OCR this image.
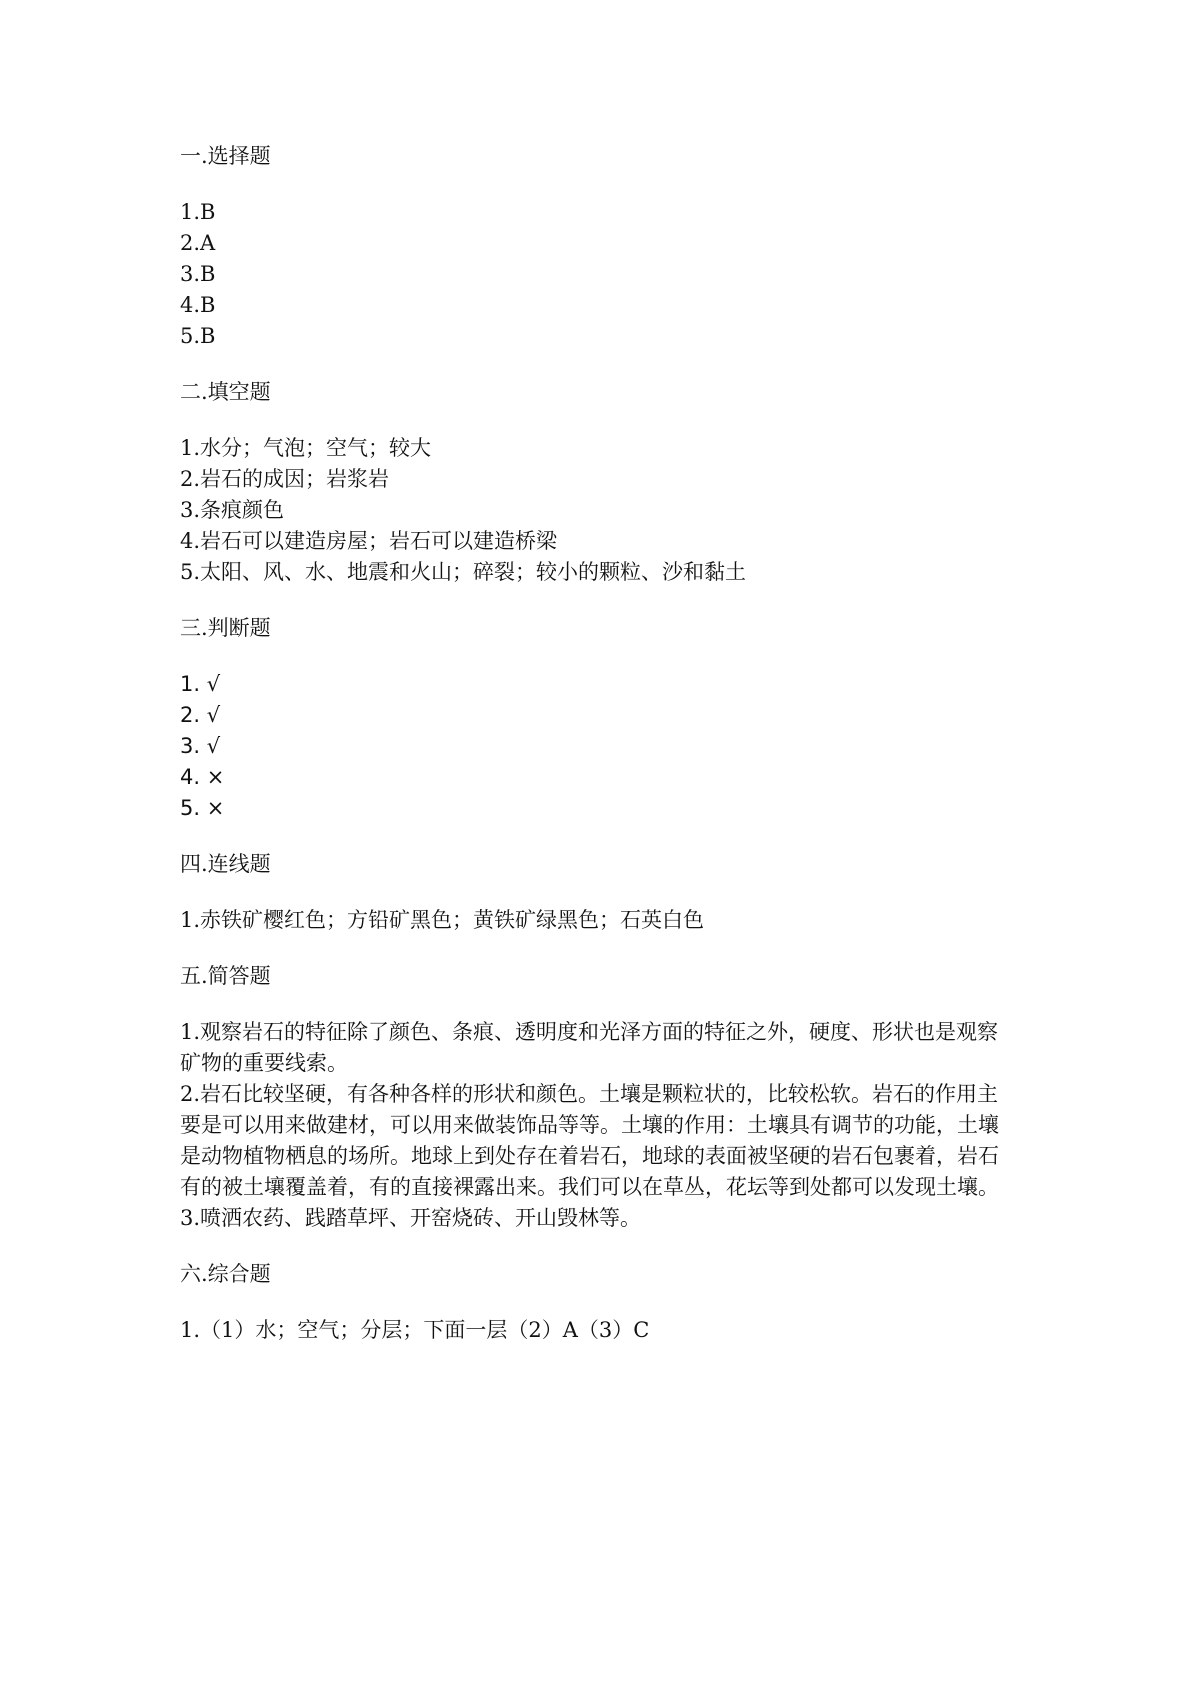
一.选择题

1.B

2.A

3.B

4.B

5.B

二.填空题

1.水分；气泡；空气；较大

2.岩石的成因；岩浆岩

3.条痕颜色

4.岩石可以建造房屋；岩石可以建造桥梁

5.太阳、风、水、地震和火山；碎裂；较小的颗粒、沙和黏土

三.判断题

1. √

2. √

3. √

4. ×

5. ×

四.连线题

1.赤铁矿樱红色；方铅矿黑色；黄铁矿绿黑色；石英白色

五.简答题

1.观察岩石的特征除了颜色、条痕、透明度和光泽方面的特征之外，硬度、形状也是观察矿物的重要线索。

2.岩石比较坚硬，有各种各样的形状和颜色。土壤是颗粒状的，比较松软。岩石的作用主要是可以用来做建材，可以用来做装饰品等等。土壤的作用：土壤具有调节的功能，土壤是动物植物栖息的场所。地球上到处存在着岩石，地球的表面被坚硬的岩石包裹着，岩石有的被土壤覆盖着，有的直接裸露出来。我们可以在草丛，花坛等到处都可以发现土壤。

3.喷洒农药、践踏草坪、开窑烧砖、开山毁林等。

六.综合题

1.（1）水；空气；分层；下面一层（2）A（3）C
